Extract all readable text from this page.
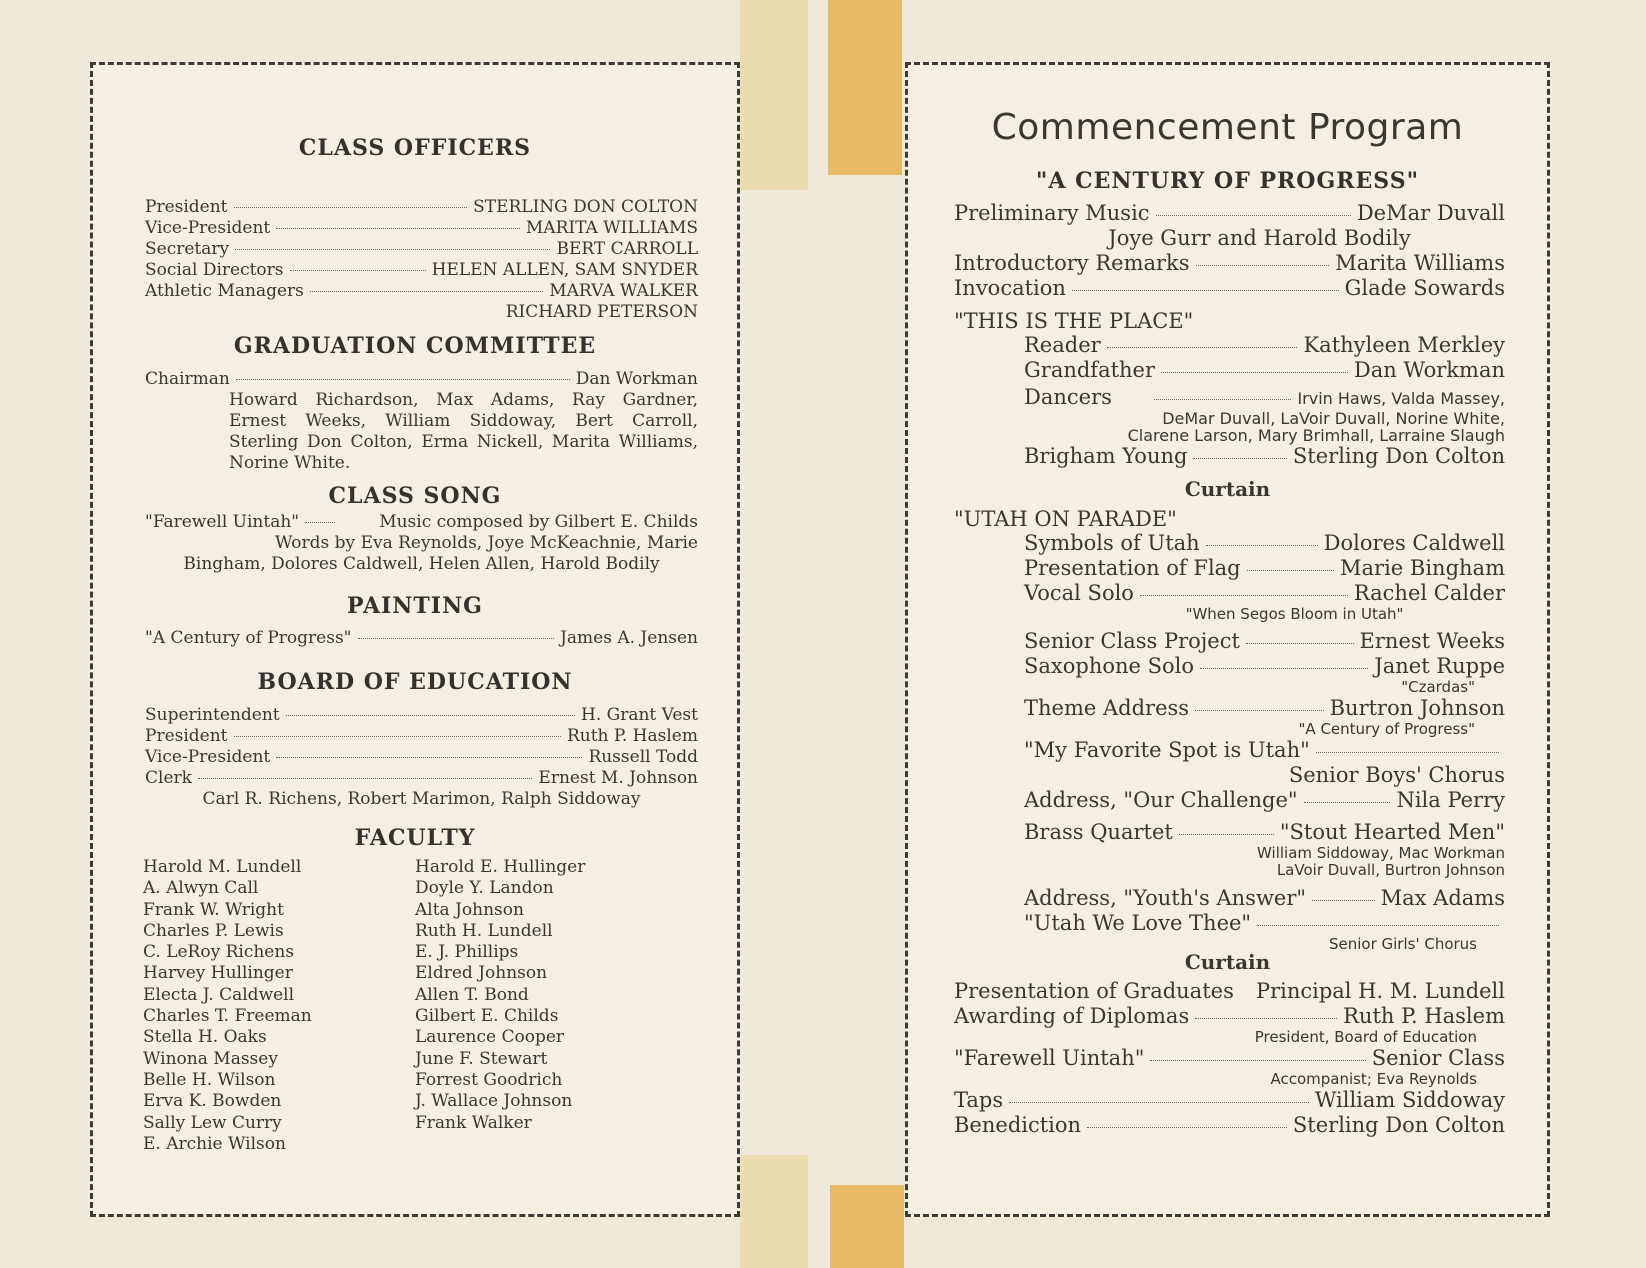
CLASS OFFICERS
President	STERLING DON COLTON
Vice-President	MARITA WILLIAMS
Secretary	BERT CARROLL
Social Directors	HELEN ALLEN, SAM SNYDER
Athletic Managers	MARVA WALKER
RICHARD PETERSON
GRADUATION COMMITTEE
Chairman	Dan Workman
Howard Richardson, Max Adams, Ray Gardner, Ernest Weeks, William Siddoway, Bert Carroll, Sterling Don Colton, Erma Nickell, Marita Williams, Norine White.
CLASS SONG
"Farewell Uintah"	Music composed by Gilbert E. Childs
Words by Eva Reynolds, Joye McKeachnie, Marie
Bingham, Dolores Caldwell, Helen Allen, Harold Bodily
PAINTING
"A Century of Progress"	James A. Jensen
BOARD OF EDUCATION
Superintendent	H. Grant Vest
President	Ruth P. Haslem
Vice-President	Russell Todd
Clerk	Ernest M. Johnson
Carl R. Richens, Robert Marimon, Ralph Siddoway
FACULTY
Harold M. Lundell
A. Alwyn Call
Frank W. Wright
Charles P. Lewis
C. LeRoy Richens
Harvey Hullinger
Electa J. Caldwell
Charles T. Freeman
Stella H. Oaks
Winona Massey
Belle H. Wilson
Erva K. Bowden
Sally Lew Curry
E. Archie Wilson
Harold E. Hullinger
Doyle Y. Landon
Alta Johnson
Ruth H. Lundell
E. J. Phillips
Eldred Johnson
Allen T. Bond
Gilbert E. Childs
Laurence Cooper
June F. Stewart
Forrest Goodrich
J. Wallace Johnson
Frank Walker
Commencement Program
"A CENTURY OF PROGRESS"
Preliminary Music	DeMar Duvall
Joye Gurr and Harold Bodily
Introductory Remarks	Marita Williams
Invocation	Glade Sowards
"THIS IS THE PLACE"
Reader	Kathyleen Merkley
Grandfather	Dan Workman
Dancers	Irvin Haws, Valda Massey,
DeMar Duvall, LaVoir Duvall, Norine White,
Clarene Larson, Mary Brimhall, Larraine Slaugh
Brigham Young	Sterling Don Colton
Curtain
"UTAH ON PARADE"
Symbols of Utah	Dolores Caldwell
Presentation of Flag	Marie Bingham
Vocal Solo	Rachel Calder
"When Segos Bloom in Utah"
Senior Class Project	Ernest Weeks
Saxophone Solo	Janet Ruppe
"Czardas"
Theme Address	Burtron Johnson
"A Century of Progress"
"My Favorite Spot is Utah"
Senior Boys' Chorus
Address, "Our Challenge"	Nila Perry
Brass Quartet	"Stout Hearted Men"
William Siddoway, Mac Workman
LaVoir Duvall, Burtron Johnson
Address, "Youth's Answer"	Max Adams
"Utah We Love Thee"
Senior Girls' Chorus
Curtain
Presentation of Graduates Principal H. M. Lundell
Awarding of Diplomas	Ruth P. Haslem
President, Board of Education
"Farewell Uintah"	Senior Class
Accompanist; Eva Reynolds
Taps	William Siddoway
Benediction	Sterling Don Colton
